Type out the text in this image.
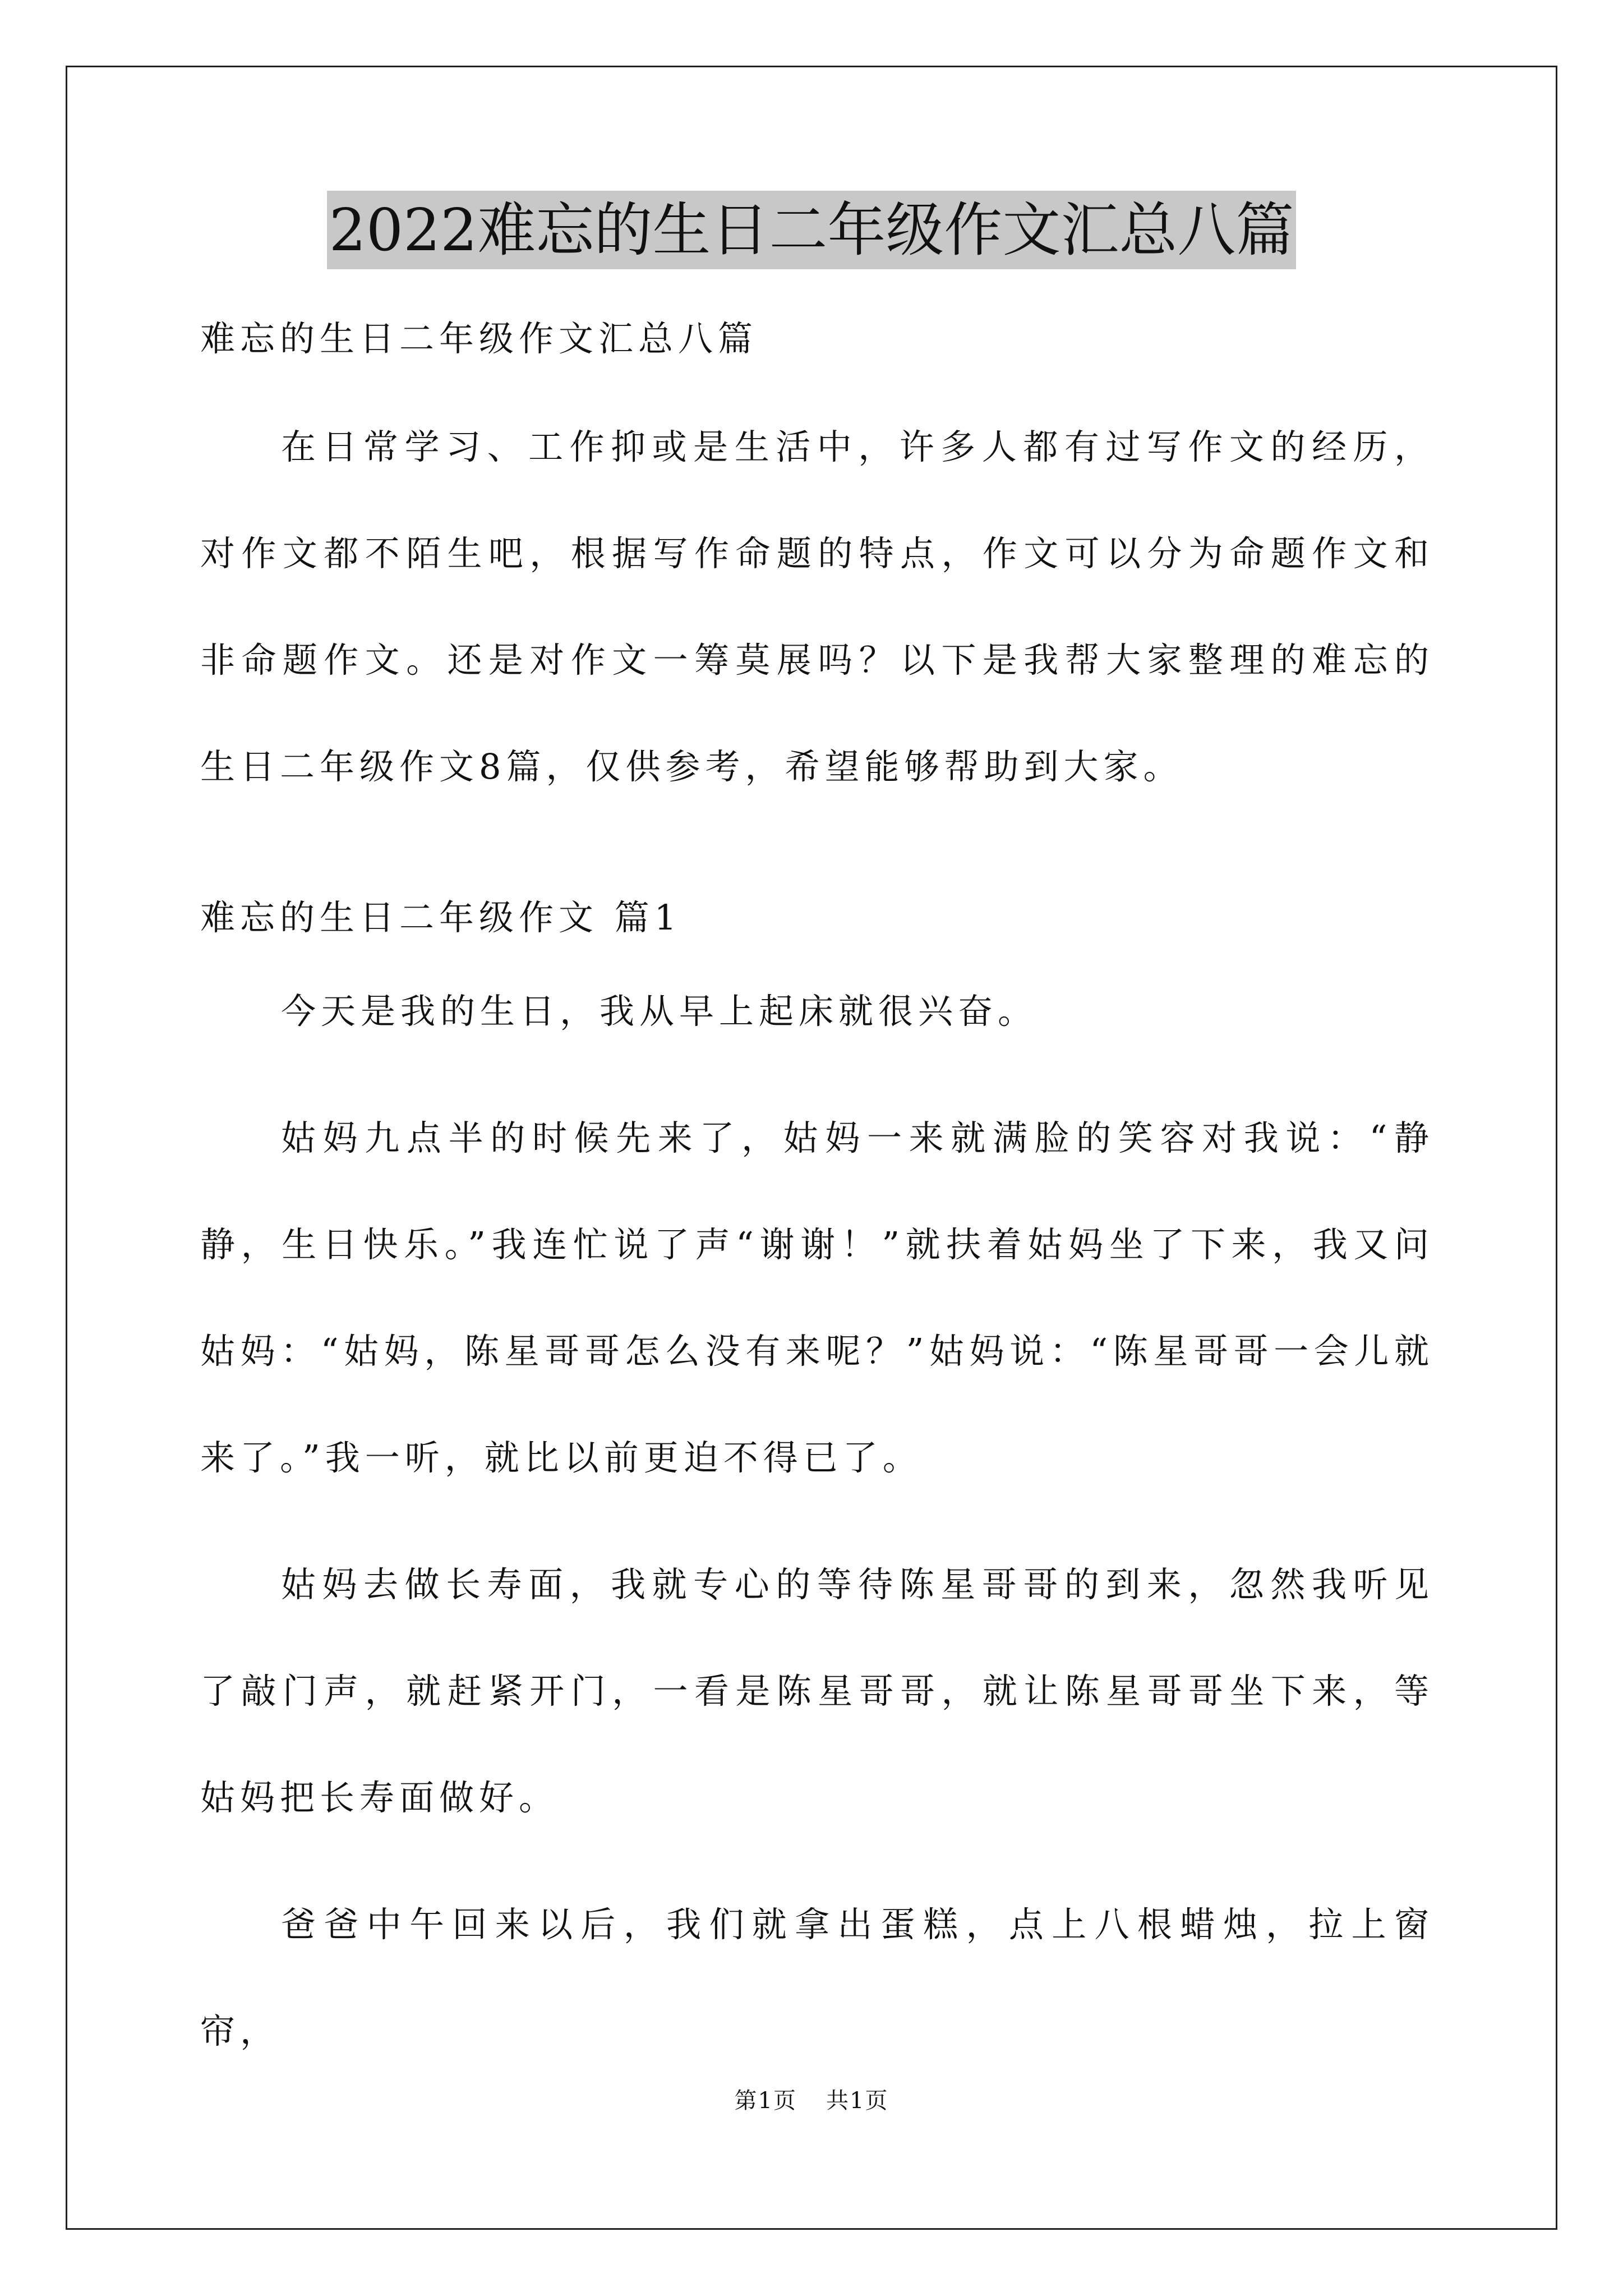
2022难忘的生日二年级作文汇总八篇

难忘的生日二年级作文汇总八篇

在日常学习、工作抑或是生活中，许多人都有过写作文的经历，对作文都不陌生吧，根据写作命题的特点，作文可以分为命题作文和非命题作文。还是对作文一筹莫展吗？以下是我帮大家整理的难忘的生日二年级作文8篇，仅供参考，希望能够帮助到大家。

难忘的生日二年级作文 篇1

今天是我的生日，我从早上起床就很兴奋。

姑妈九点半的时候先来了，姑妈一来就满脸的笑容对我说：“静静，生日快乐。”我连忙说了声“谢谢！”就扶着姑妈坐了下来，我又问姑妈：“姑妈，陈星哥哥怎么没有来呢？”姑妈说：“陈星哥哥一会儿就来了。”我一听，就比以前更迫不得已了。

姑妈去做长寿面，我就专心的等待陈星哥哥的到来，忽然我听见了敲门声，就赶紧开门，一看是陈星哥哥，就让陈星哥哥坐下来，等姑妈把长寿面做好。

爸爸中午回来以后，我们就拿出蛋糕，点上八根蜡烛，拉上窗帘，

第1页 共1页
